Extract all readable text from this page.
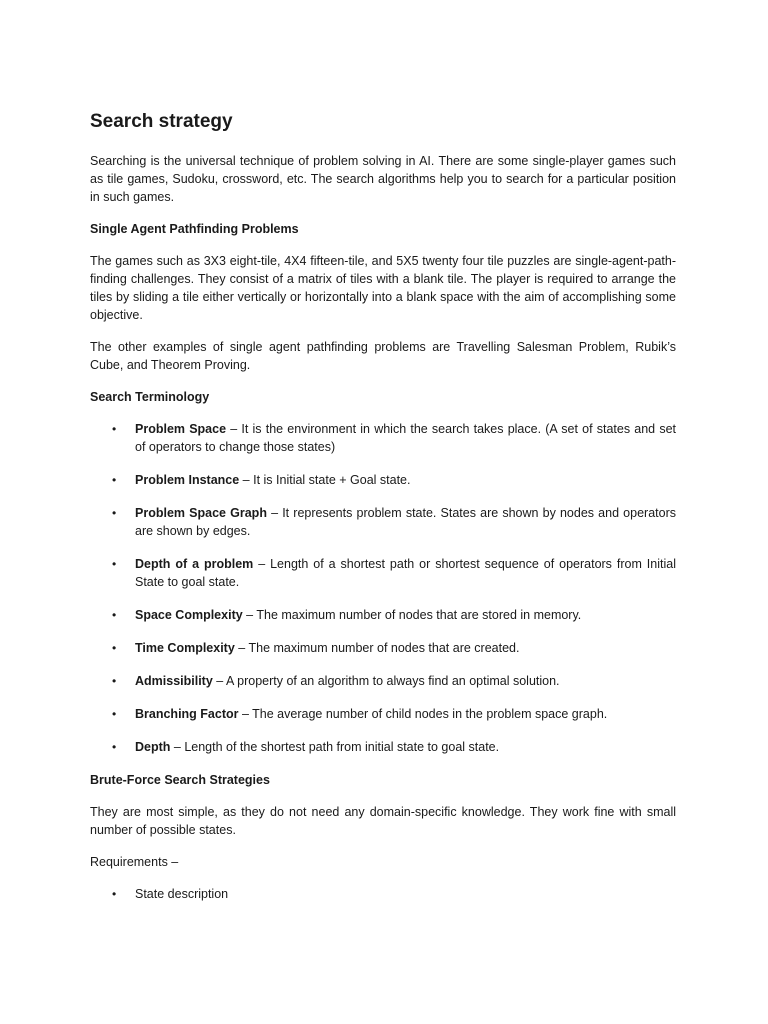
Search strategy

Searching is the universal technique of problem solving in AI. There are some single-player games such as tile games, Sudoku, crossword, etc. The search algorithms help you to search for a particular position in such games.

Single Agent Pathfinding Problems

The games such as 3X3 eight-tile, 4X4 fifteen-tile, and 5X5 twenty four tile puzzles are single-agent-path-finding challenges. They consist of a matrix of tiles with a blank tile. The player is required to arrange the tiles by sliding a tile either vertically or horizontally into a blank space with the aim of accomplishing some objective.

The other examples of single agent pathfinding problems are Travelling Salesman Problem, Rubik’s Cube, and Theorem Proving.

Search Terminology
• Problem Space – It is the environment in which the search takes place. (A set of states and set of operators to change those states)
• Problem Instance – It is Initial state + Goal state.
• Problem Space Graph – It represents problem state. States are shown by nodes and operators are shown by edges.
• Depth of a problem – Length of a shortest path or shortest sequence of operators from Initial State to goal state.
• Space Complexity – The maximum number of nodes that are stored in memory.
• Time Complexity – The maximum number of nodes that are created.
• Admissibility – A property of an algorithm to always find an optimal solution.
• Branching Factor – The average number of child nodes in the problem space graph.
• Depth – Length of the shortest path from initial state to goal state.
Brute-Force Search Strategies

They are most simple, as they do not need any domain-specific knowledge. They work fine with small number of possible states.

Requirements –

• State description
